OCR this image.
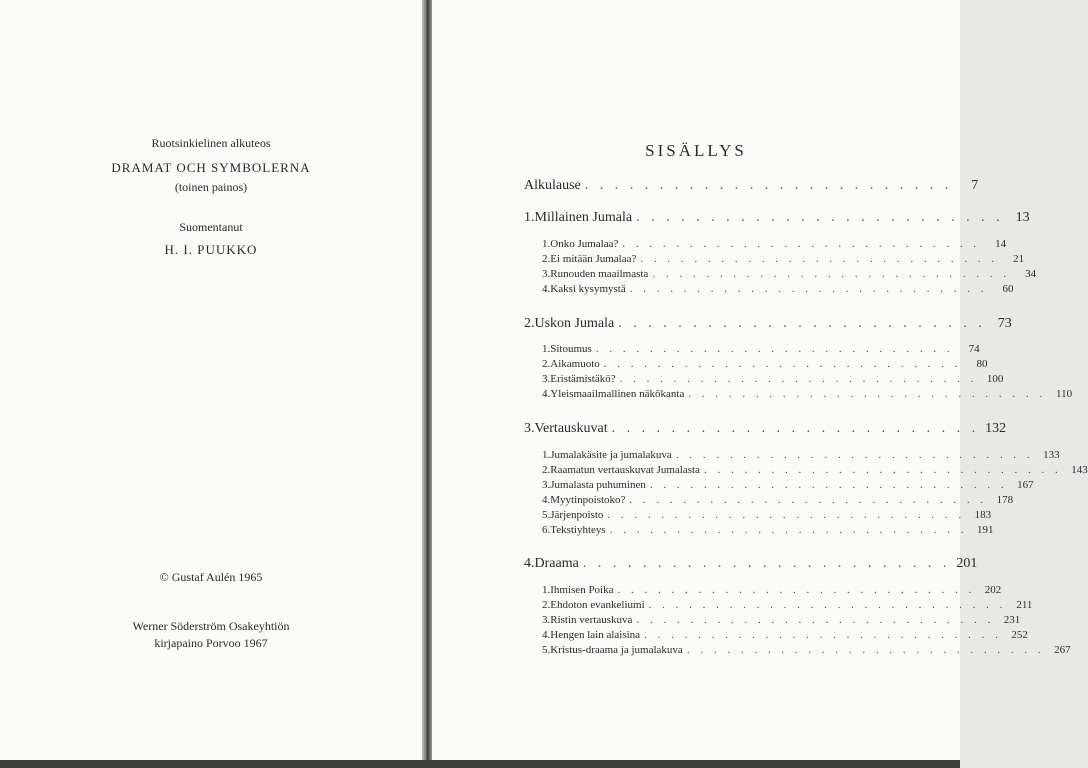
Ruotsinkielinen alkuteos
DRAMAT OCH SYMBOLERNA
(toinen painos)
Suomentanut
H. I. PUUKKO
© Gustaf Aulén 1965
Werner Söderström Osakeyhtiön
kirjapaino Porvoo 1967
SISÄLLYS
Alkulause . . . . . . . . . . . . . . . . . . . . . . . . .	7
1. Millainen Jumala . . . . . . . . . . . . . . . . . . . . . . . . . 13
1. Onko Jumalaa? . . . . . . . . . . . . . . . . . . . . . . . . . . .	14
2. Ei mitään Jumalaa? . . . . . . . . . . . . . . . . . . . . . . . . . . .	21
3. Runouden maailmasta . . . . . . . . . . . . . . . . . . . . . . . . . . .	34
4. Kaksi kysymystä . . . . . . . . . . . . . . . . . . . . . . . . . . .	60
2. Uskon Jumala . . . . . . . . . . . . . . . . . . . . . . . . . 73
1. Sitoumus . . . . . . . . . . . . . . . . . . . . . . . . . . .	74
2. Aikamuoto . . . . . . . . . . . . . . . . . . . . . . . . . . .	80
3. Eristämistäkö? . . . . . . . . . . . . . . . . . . . . . . . . . . . 100
4. Yleismaailmallinen näkökanta . . . . . . . . . . . . . . . . . . . . . . . . . . . 110
3. Vertauskuvat . . . . . . . . . . . . . . . . . . . . . . . . . 132
1. Jumalakäsite ja jumalakuva . . . . . . . . . . . . . . . . . . . . . . . . . . . 133
2. Raamatun vertauskuvat Jumalasta . . . . . . . . . . . . . . . . . . . . . . . . . . . 143
3. Jumalasta puhuminen . . . . . . . . . . . . . . . . . . . . . . . . . . . 167
4. Myytinpoistoko? . . . . . . . . . . . . . . . . . . . . . . . . . . . 178
5. Järjenpoisto . . . . . . . . . . . . . . . . . . . . . . . . . . . 183
6. Tekstiyhteys . . . . . . . . . . . . . . . . . . . . . . . . . . . 191
4. Draama . . . . . . . . . . . . . . . . . . . . . . . . . 201
1. Ihmisen Poika . . . . . . . . . . . . . . . . . . . . . . . . . . . 202
2. Ehdoton evankeliumi . . . . . . . . . . . . . . . . . . . . . . . . . . . 211
3. Ristin vertauskuva . . . . . . . . . . . . . . . . . . . . . . . . . . . 231
4. Hengen lain alaisina . . . . . . . . . . . . . . . . . . . . . . . . . . . 252
5. Kristus-draama ja jumalakuva . . . . . . . . . . . . . . . . . . . . . . . . . . . 267
